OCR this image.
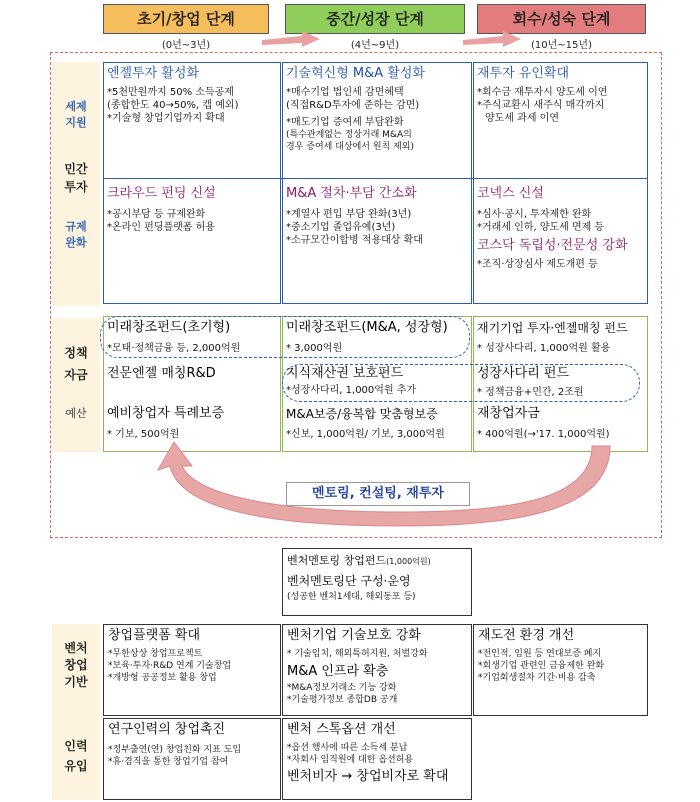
초기/창업 단계	중간/성장 단계	회수/성숙 단계
(0년~3년)	(4년~9년)	(10년~15년)
세제
지원
민간
투자
규제
완화
정책
자금
예산
벤처
창업
기반
인력
유입
엔젤투자 활성화
*5천만원까지 50% 소득공제
(종합한도 40→50%, 캡 예외)
*기술형 창업기업까지 확대
기술혁신형 M&A 활성화
*매수기업 법인세 감면혜택
(직접R&D투자에 준하는 감면)
*매도기업 증여세 부담완화
(특수관계없는 정상거래 M&A의
경우 증여세 대상에서 원칙 제외)
재투자 유인확대
*회수금 재투자시 양도세 이연
*주식교환시 새주식 매각까지
양도세 과세 이연
크라우드 펀딩 신설
*공시부담 등 규제완화
*온라인 펀딩플랫폼 허용
M&A 절차·부담 간소화
*계열사 편입 부담 완화(3년)
*중소기업 졸업유예(3년)
*소규모간이합병 적용대상 확대
코넥스 신설
*심사·공시, 투자제한 완화
*거래세 인하, 양도세 면제 등
코스닥 독립성·전문성 강화
*조직·상장심사 제도개편 등
미래창조펀드(초기형)
*모태·정책금융 등, 2,000억원
미래창조펀드(M&A, 성장형)
* 3,000억원
재기기업 투자·엔젤매칭 펀드
* 성장사다리, 1,000억원 활용
전문엔젤 매칭R&D	지식재산권 보호펀드
*성장사다리, 1,000억원 추가
성장사다리 펀드
* 정책금융+민간, 2조원
예비창업자 특례보증
* 기보, 500억원
M&A보증/융복합 맞춤형보증
*신보, 1,000억원/ 기보, 3,000억원
재창업자금
* 400억원(→'17. 1,000억원)
멘토링, 컨설팅, 재투자
벤처멘토링 창업펀드(1,000억원)
벤처멘토링단 구성·운영
(성공한 벤처1세대, 해외동포 등)
창업플랫폼 확대
*무한상상 창업프로젝트
*보육·투자·R&D 연계 기술창업
*개방형 공공정보 활용 창업
벤처기업 기술보호 강화
* 기술임치, 해외특허지원, 처벌강화
M&A 인프라 확충
*M&A정보거래소 기능 강화
*기술평가정보 종합DB 공개
재도전 환경 개선
*전인적, 임원 등 연대보증 폐지
*회생기업 관련인 금융제한 완화
*기업회생절차 기간·비용 감축
연구인력의 창업촉진
*정부출연(연) 창업친화 지표 도입
*휴·겸직을 통한 창업기업 참여
벤처 스톡옵션 개선
*옵션 행사에 따른 소득세 분납
*자회사 임직원에 대한 옵션허용
벤처비자 → 창업비자로 확대
